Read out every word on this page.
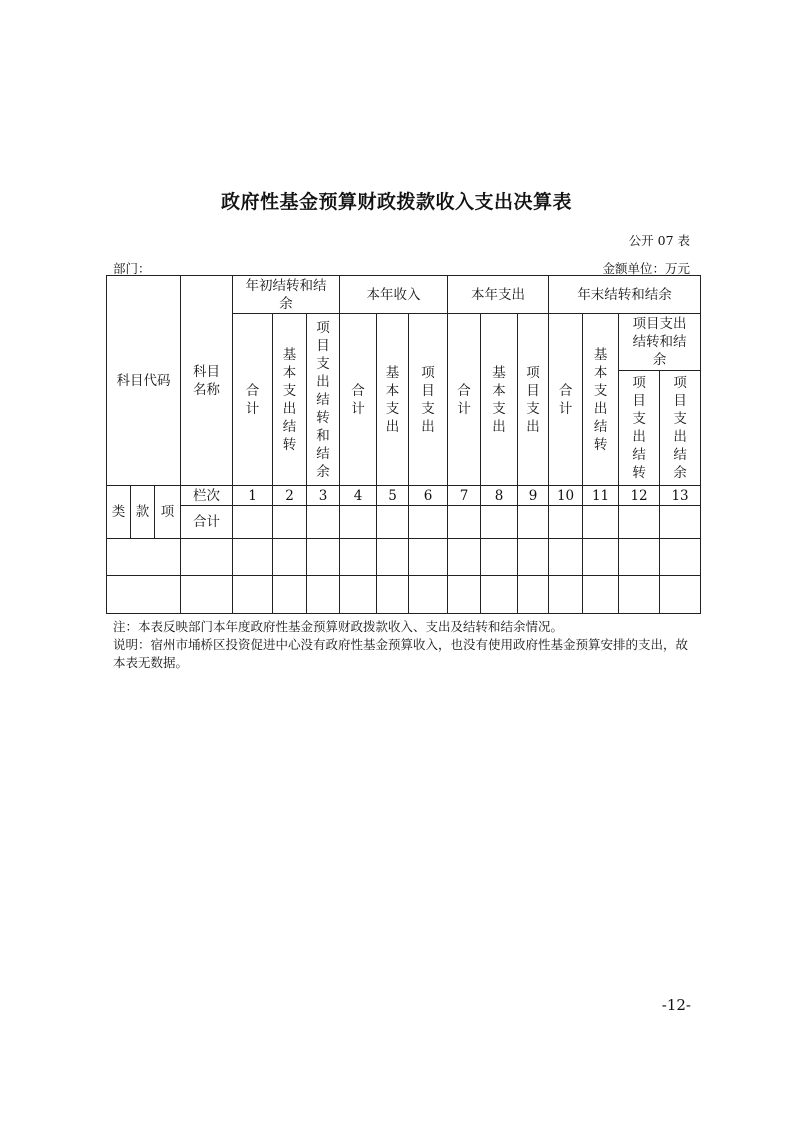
政府性基金预算财政拨款收入支出决算表
公开 07 表
部门：	金额单位：万元
科目代码			科目名称	年初结转和结余			本年收入			本年支出			年末结转和结余			
				合计	基本支出结转	项目支出结转和结余	合计	基本支出	项目支出	合计	基本支出	项目支出	合计	基本支出结转	项目支出结转和结余	
															项目支出结转	项目支出结余

类	款	项	栏次	1	2	3	4	5	6	7	8	9	10	11	12	13
			合计													

注：本表反映部门本年度政府性基金预算财政拨款收入、支出及结转和结余情况。
说明：宿州市埇桥区投资促进中心没有政府性基金预算收入，也没有使用政府性基金预算安排的支出，故本表无数据。
-12-
